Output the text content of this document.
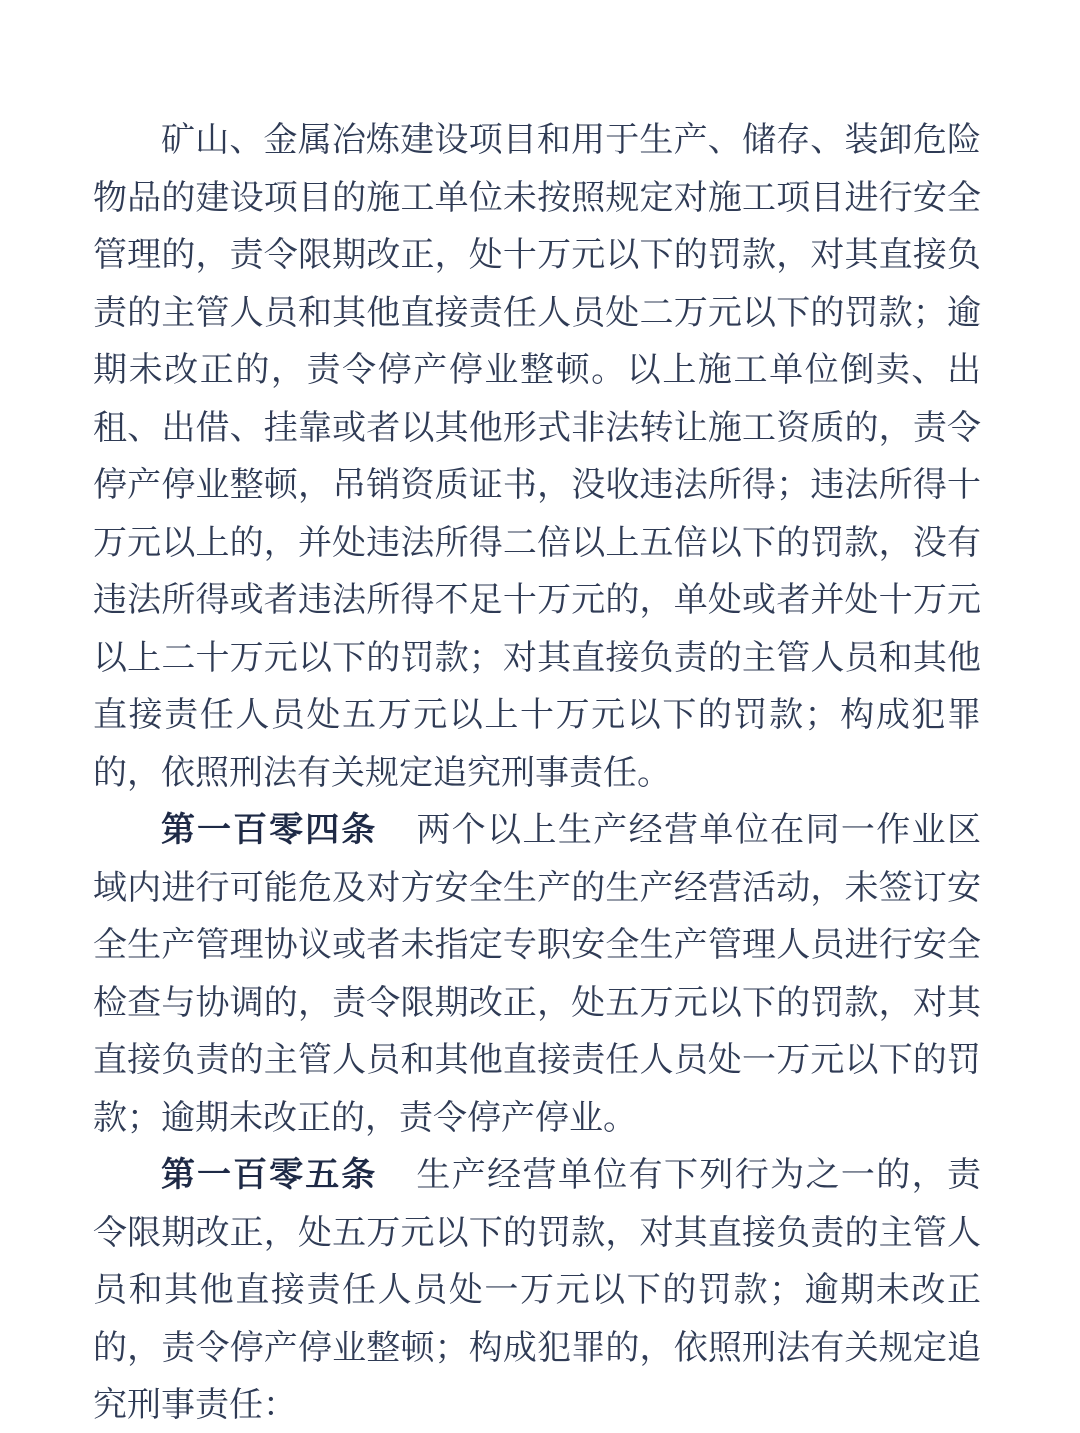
矿山、金属冶炼建设项目和用于生产、储存、装卸危险物品的建设项目的施工单位未按照规定对施工项目进行安全管理的，责令限期改正，处十万元以下的罚款，对其直接负责的主管人员和其他直接责任人员处二万元以下的罚款；逾期未改正的，责令停产停业整顿。以上施工单位倒卖、出租、出借、挂靠或者以其他形式非法转让施工资质的，责令停产停业整顿，吊销资质证书，没收违法所得；违法所得十万元以上的，并处违法所得二倍以上五倍以下的罚款，没有违法所得或者违法所得不足十万元的，单处或者并处十万元以上二十万元以下的罚款；对其直接负责的主管人员和其他直接责任人员处五万元以上十万元以下的罚款；构成犯罪的，依照刑法有关规定追究刑事责任。

第一百零四条 两个以上生产经营单位在同一作业区域内进行可能危及对方安全生产的生产经营活动，未签订安全生产管理协议或者未指定专职安全生产管理人员进行安全检查与协调的，责令限期改正，处五万元以下的罚款，对其直接负责的主管人员和其他直接责任人员处一万元以下的罚款；逾期未改正的，责令停产停业。

第一百零五条 生产经营单位有下列行为之一的，责令限期改正，处五万元以下的罚款，对其直接负责的主管人员和其他直接责任人员处一万元以下的罚款；逾期未改正的，责令停产停业整顿；构成犯罪的，依照刑法有关规定追究刑事责任：
